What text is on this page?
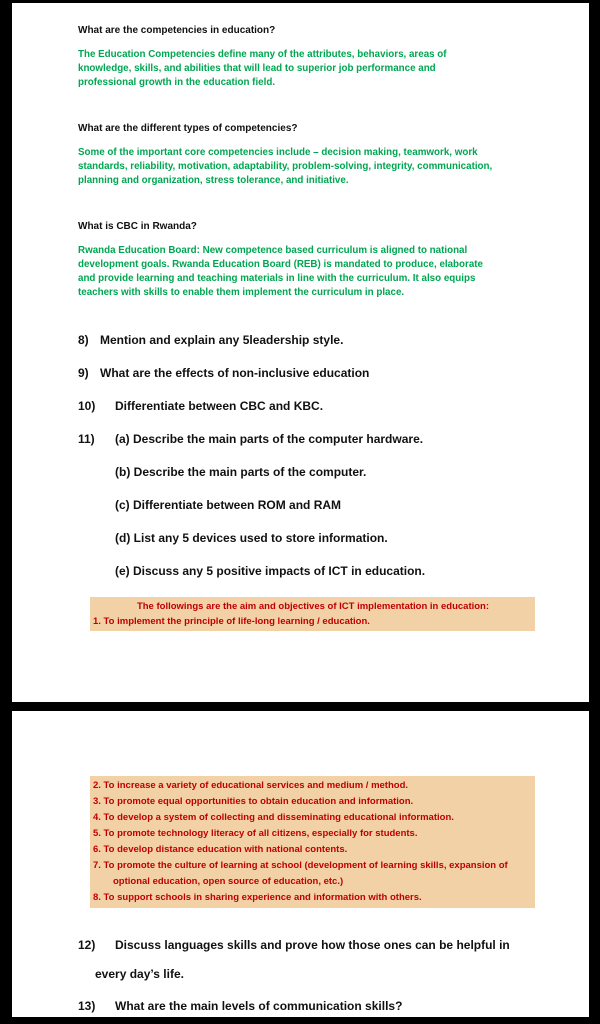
What are the competencies in education?
The Education Competencies define many of the attributes, behaviors, areas of
knowledge, skills, and abilities that will lead to superior job performance and
professional growth in the education field.
What are the different types of competencies?
Some of the important core competencies include – decision making, teamwork, work
standards, reliability, motivation, adaptability, problem-solving, integrity, communication,
planning and organization, stress tolerance, and initiative.
What is CBC in Rwanda?
Rwanda Education Board: New competence based curriculum is aligned to national
development goals. Rwanda Education Board (REB) is mandated to produce, elaborate
and provide learning and teaching materials in line with the curriculum. It also equips
teachers with skills to enable them implement the curriculum in place.
8) Mention and explain any 5leadership style.
9) What are the effects of non-inclusive education
10)	Differentiate between CBC and KBC.
11)	(a) Describe the main parts of the computer hardware.
(b) Describe the main parts of the computer.
(c) Differentiate between ROM and RAM
(d) List any 5 devices used to store information.
(e) Discuss any 5 positive impacts of ICT in education.
The followings are the aim and objectives of ICT implementation in education:
1. To implement the principle of life-long learning / education.
2. To increase a variety of educational services and medium / method.
3. To promote equal opportunities to obtain education and information.
4. To develop a system of collecting and disseminating educational information.
5. To promote technology literacy of all citizens, especially for students.
6. To develop distance education with national contents.
7. To promote the culture of learning at school (development of learning skills, expansion of
optional education, open source of education, etc.)
8. To support schools in sharing experience and information with others.
12)	Discuss languages skills and prove how those ones can be helpful in
every day’s life.
13)	What are the main levels of communication skills?
